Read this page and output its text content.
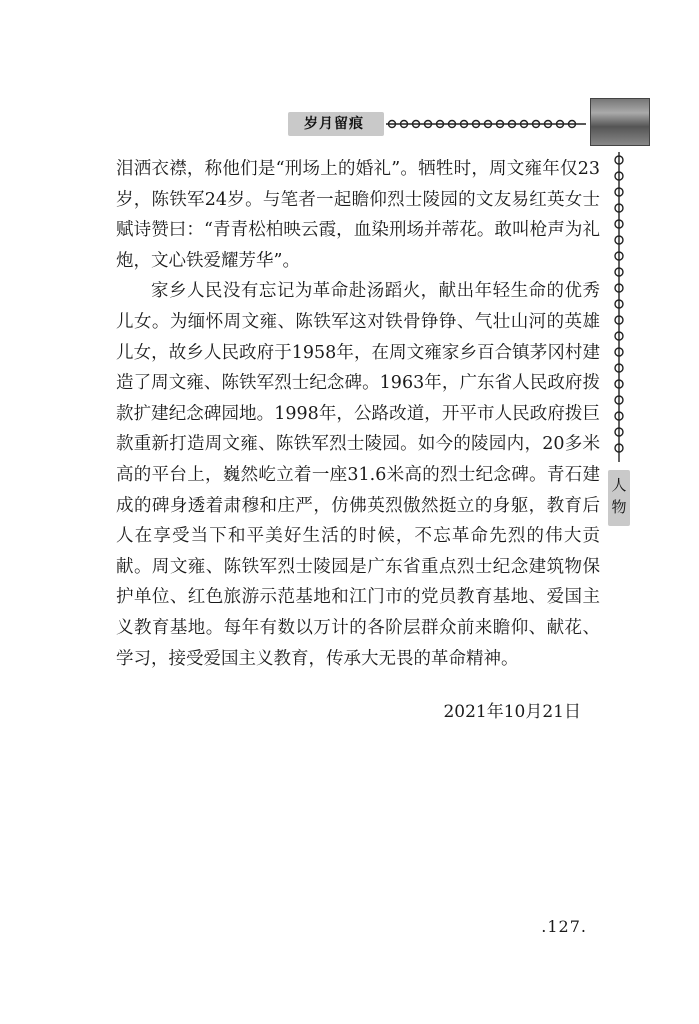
岁月留痕
人物

泪洒衣襟，称他们是“刑场上的婚礼”。牺牲时，周文雍年仅23岁，陈铁军24岁。与笔者一起瞻仰烈士陵园的文友易红英女士赋诗赞曰：“青青松柏映云霞，血染刑场并蒂花。敢叫枪声为礼炮，文心铁爱耀芳华”。

家乡人民没有忘记为革命赴汤蹈火，献出年轻生命的优秀儿女。为缅怀周文雍、陈铁军这对铁骨铮铮、气壮山河的英雄儿女，故乡人民政府于1958年，在周文雍家乡百合镇茅冈村建造了周文雍、陈铁军烈士纪念碑。1963年，广东省人民政府拨款扩建纪念碑园地。1998年，公路改道，开平市人民政府拨巨款重新打造周文雍、陈铁军烈士陵园。如今的陵园内，20多米高的平台上，巍然屹立着一座31.6米高的烈士纪念碑。青石建成的碑身透着肃穆和庄严，仿佛英烈傲然挺立的身躯，教育后人在享受当下和平美好生活的时候，不忘革命先烈的伟大贡献。周文雍、陈铁军烈士陵园是广东省重点烈士纪念建筑物保护单位、红色旅游示范基地和江门市的党员教育基地、爱国主义教育基地。每年有数以万计的各阶层群众前来瞻仰、献花、学习，接受爱国主义教育，传承大无畏的革命精神。

2021年10月21日
.127.
